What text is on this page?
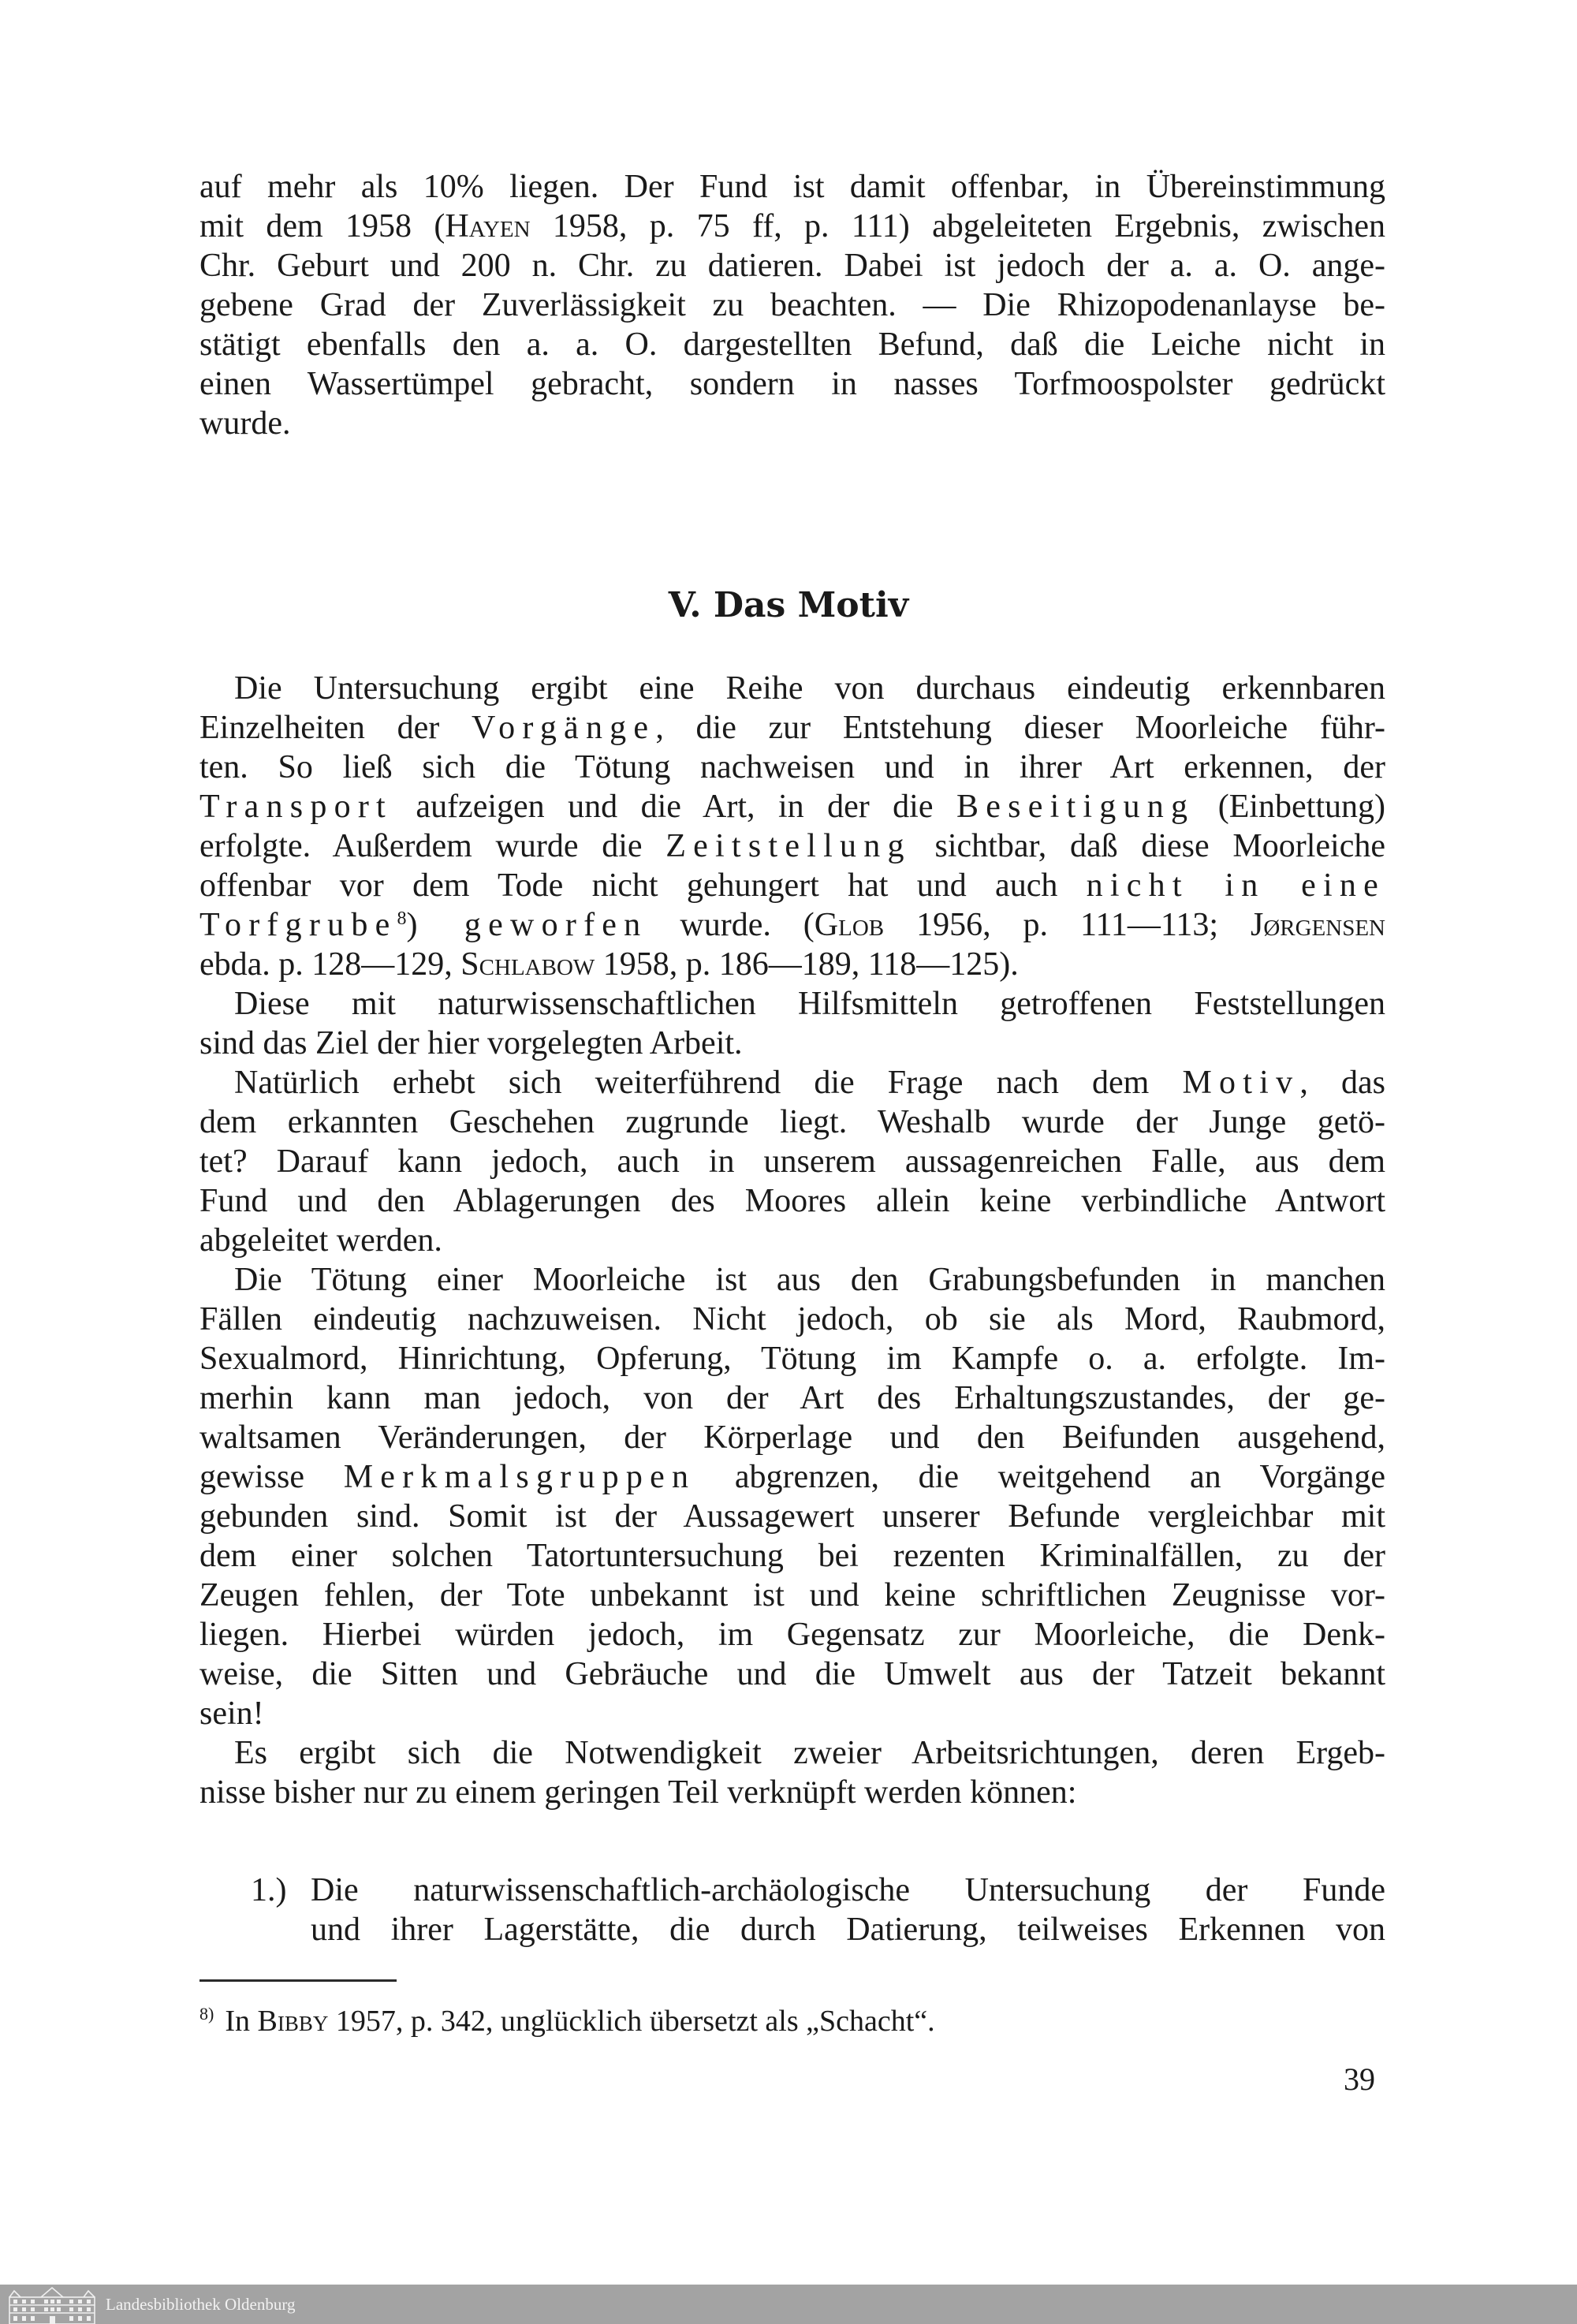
auf mehr als 10% liegen. Der Fund ist damit offenbar, in Übereinstimmung
mit dem 1958 (Hayen 1958, p. 75 ff, p. 111) abgeleiteten Ergebnis, zwischen
Chr. Geburt und 200 n. Chr. zu datieren. Dabei ist jedoch der a. a. O. ange-
gebene Grad der Zuverlässigkeit zu beachten. — Die Rhizopodenanlayse be-
stätigt ebenfalls den a. a. O. dargestellten Befund, daß die Leiche nicht in
einen Wassertümpel gebracht, sondern in nasses Torfmoospolster gedrückt
wurde.
V. Das Motiv
Die Untersuchung ergibt eine Reihe von durchaus eindeutig erkennbaren
Einzelheiten der Vorgänge, die zur Entstehung dieser Moorleiche führ-
ten. So ließ sich die Tötung nachweisen und in ihrer Art erkennen, der
Transport aufzeigen und die Art, in der die Beseitigung (Einbettung)
erfolgte. Außerdem wurde die Zeitstellung sichtbar, daß diese Moorleiche
offenbar vor dem Tode nicht gehungert hat und auch nicht in eine
Torfgrube$^8$) geworfen wurde. (Glob 1956, p. 111—113; Jørgensen
ebda. p. 128—129, Schlabow 1958, p. 186—189, 118—125).
Diese mit naturwissenschaftlichen Hilfsmitteln getroffenen Feststellungen
sind das Ziel der hier vorgelegten Arbeit.
Natürlich erhebt sich weiterführend die Frage nach dem Motiv, das
dem erkannten Geschehen zugrunde liegt. Weshalb wurde der Junge getö-
tet? Darauf kann jedoch, auch in unserem aussagenreichen Falle, aus dem
Fund und den Ablagerungen des Moores allein keine verbindliche Antwort
abgeleitet werden.
Die Tötung einer Moorleiche ist aus den Grabungsbefunden in manchen
Fällen eindeutig nachzuweisen. Nicht jedoch, ob sie als Mord, Raubmord,
Sexualmord, Hinrichtung, Opferung, Tötung im Kampfe o. a. erfolgte. Im-
merhin kann man jedoch, von der Art des Erhaltungszustandes, der ge-
waltsamen Veränderungen, der Körperlage und den Beifunden ausgehend,
gewisse Merkmalsgruppen abgrenzen, die weitgehend an Vorgänge
gebunden sind. Somit ist der Aussagewert unserer Befunde vergleichbar mit
dem einer solchen Tatortuntersuchung bei rezenten Kriminalfällen, zu der
Zeugen fehlen, der Tote unbekannt ist und keine schriftlichen Zeugnisse vor-
liegen. Hierbei würden jedoch, im Gegensatz zur Moorleiche, die Denk-
weise, die Sitten und Gebräuche und die Umwelt aus der Tatzeit bekannt
sein!
Es ergibt sich die Notwendigkeit zweier Arbeitsrichtungen, deren Ergeb-
nisse bisher nur zu einem geringen Teil verknüpft werden können:
1.) Die naturwissenschaftlich-archäologische Untersuchung der Funde
und ihrer Lagerstätte, die durch Datierung, teilweises Erkennen von
$^{8)}$ In Bibby 1957, p. 342, unglücklich übersetzt als „Schacht“.
39
Landesbibliothek Oldenburg
